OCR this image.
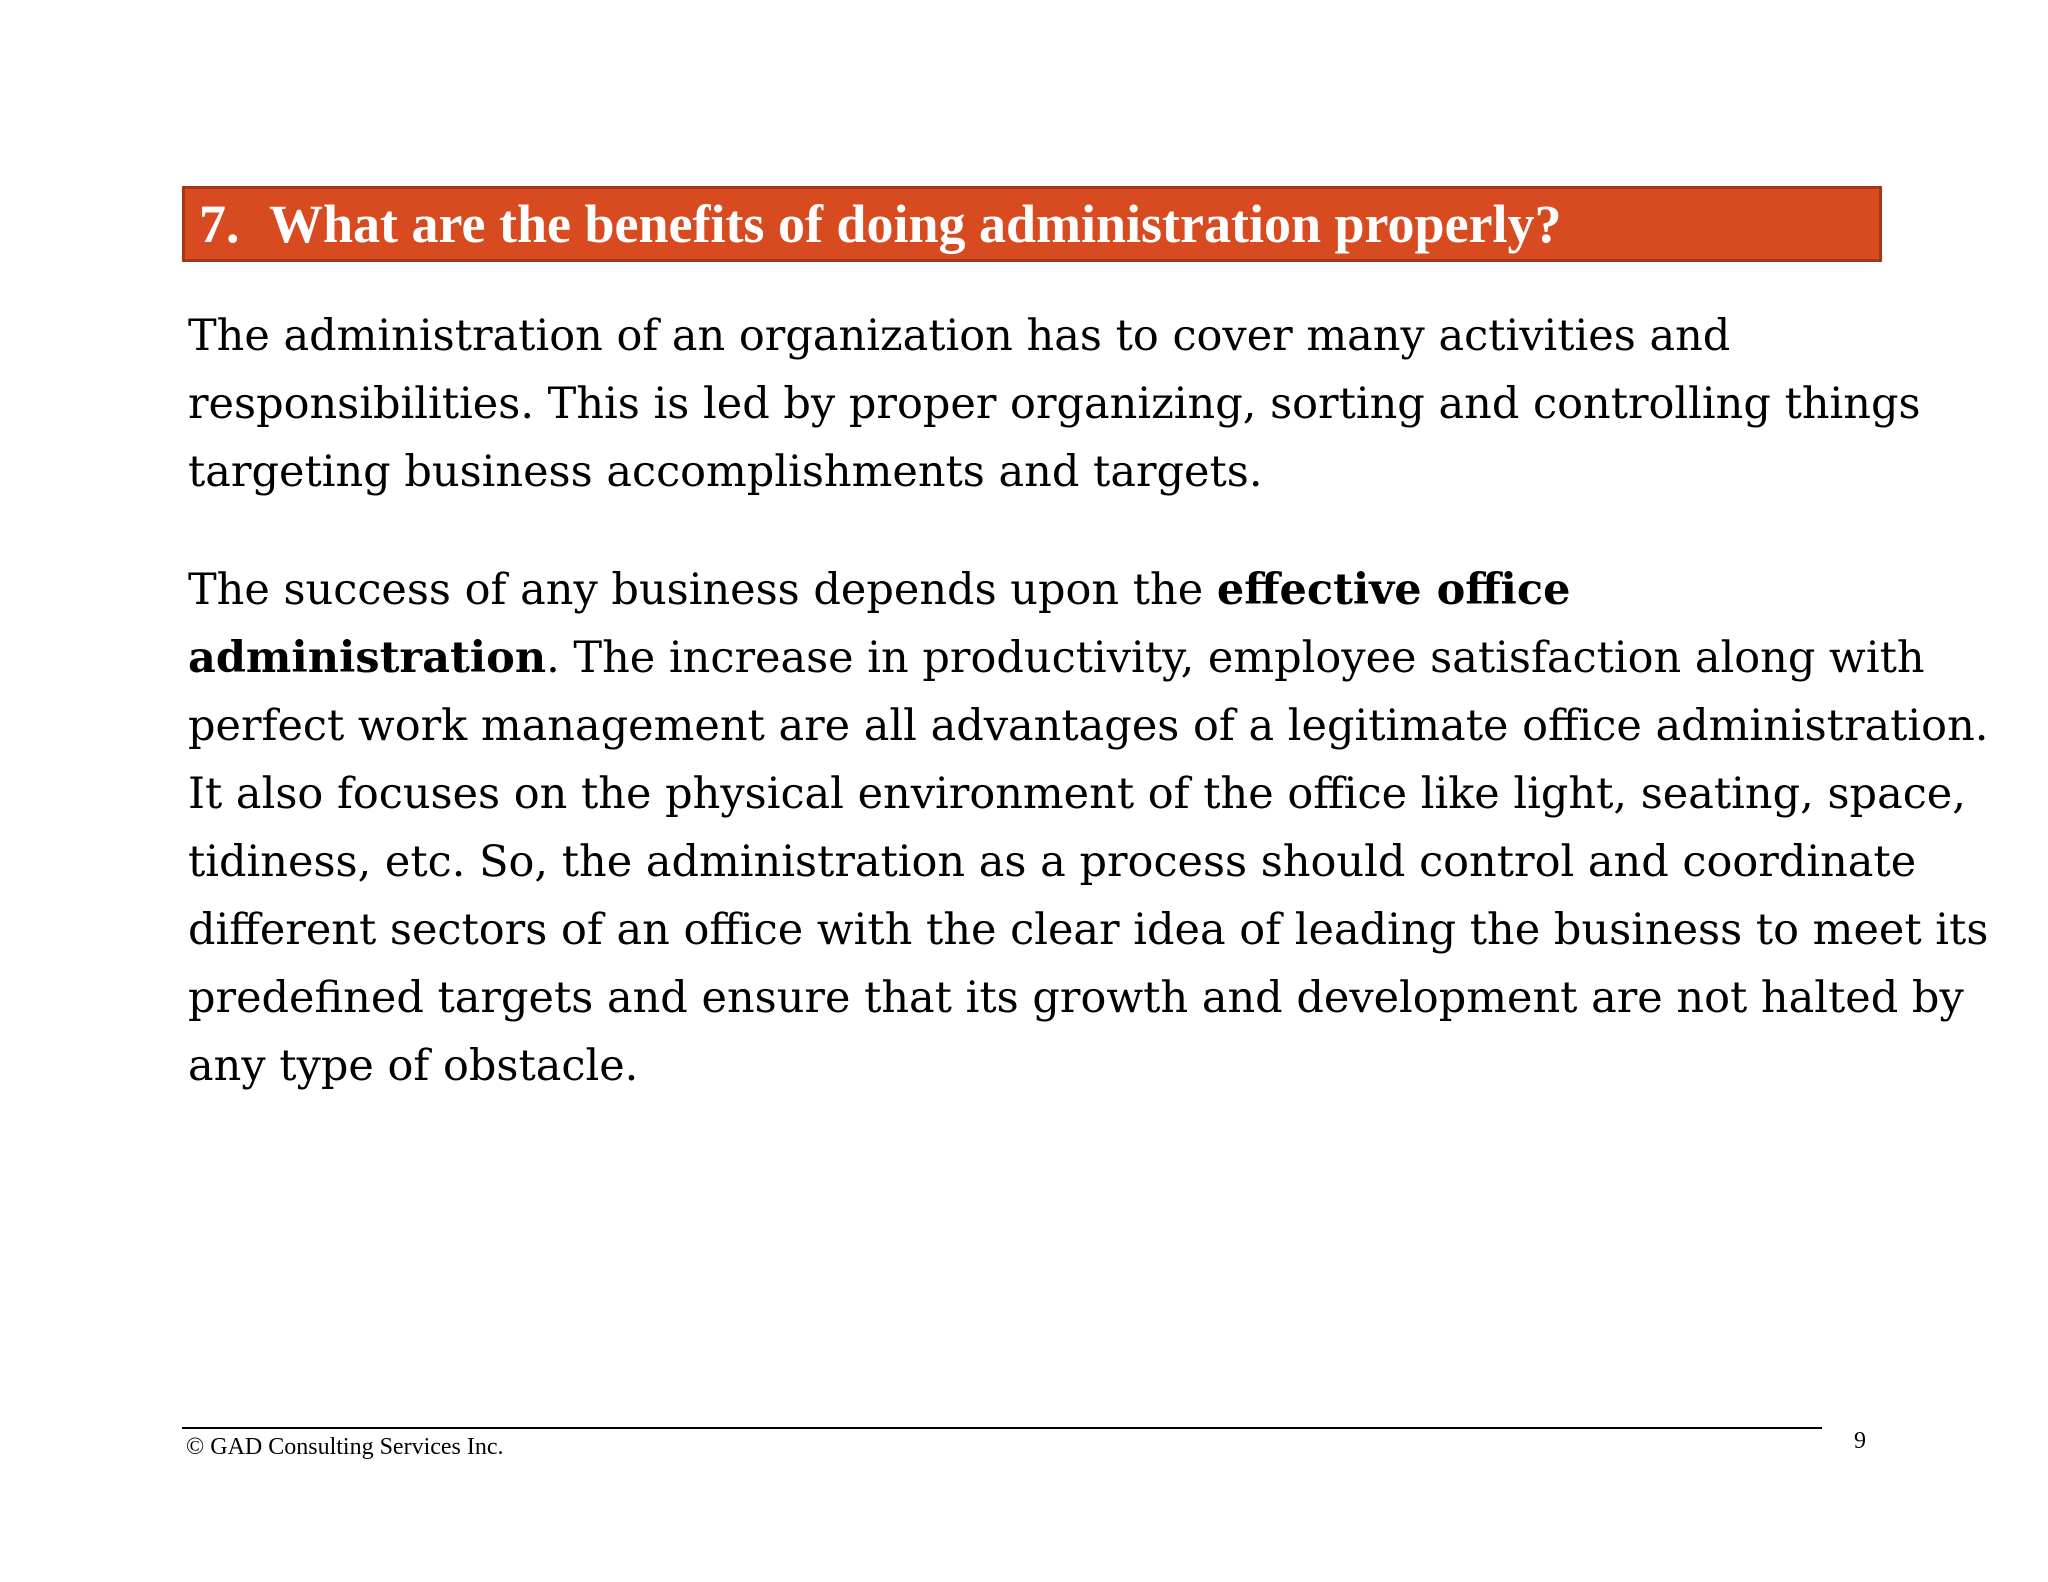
7. What are the benefits of doing administration properly?

The administration of an organization has to cover many activities and
responsibilities. This is led by proper organizing, sorting and controlling things
targeting business accomplishments and targets.

The success of any business depends upon the effective office
administration. The increase in productivity, employee satisfaction along with
perfect work management are all advantages of a legitimate office administration.
It also focuses on the physical environment of the office like light, seating, space,
tidiness, etc. So, the administration as a process should control and coordinate
different sectors of an office with the clear idea of leading the business to meet its
predefined targets and ensure that its growth and development are not halted by
any type of obstacle.

© GAD Consulting Services Inc.	9
